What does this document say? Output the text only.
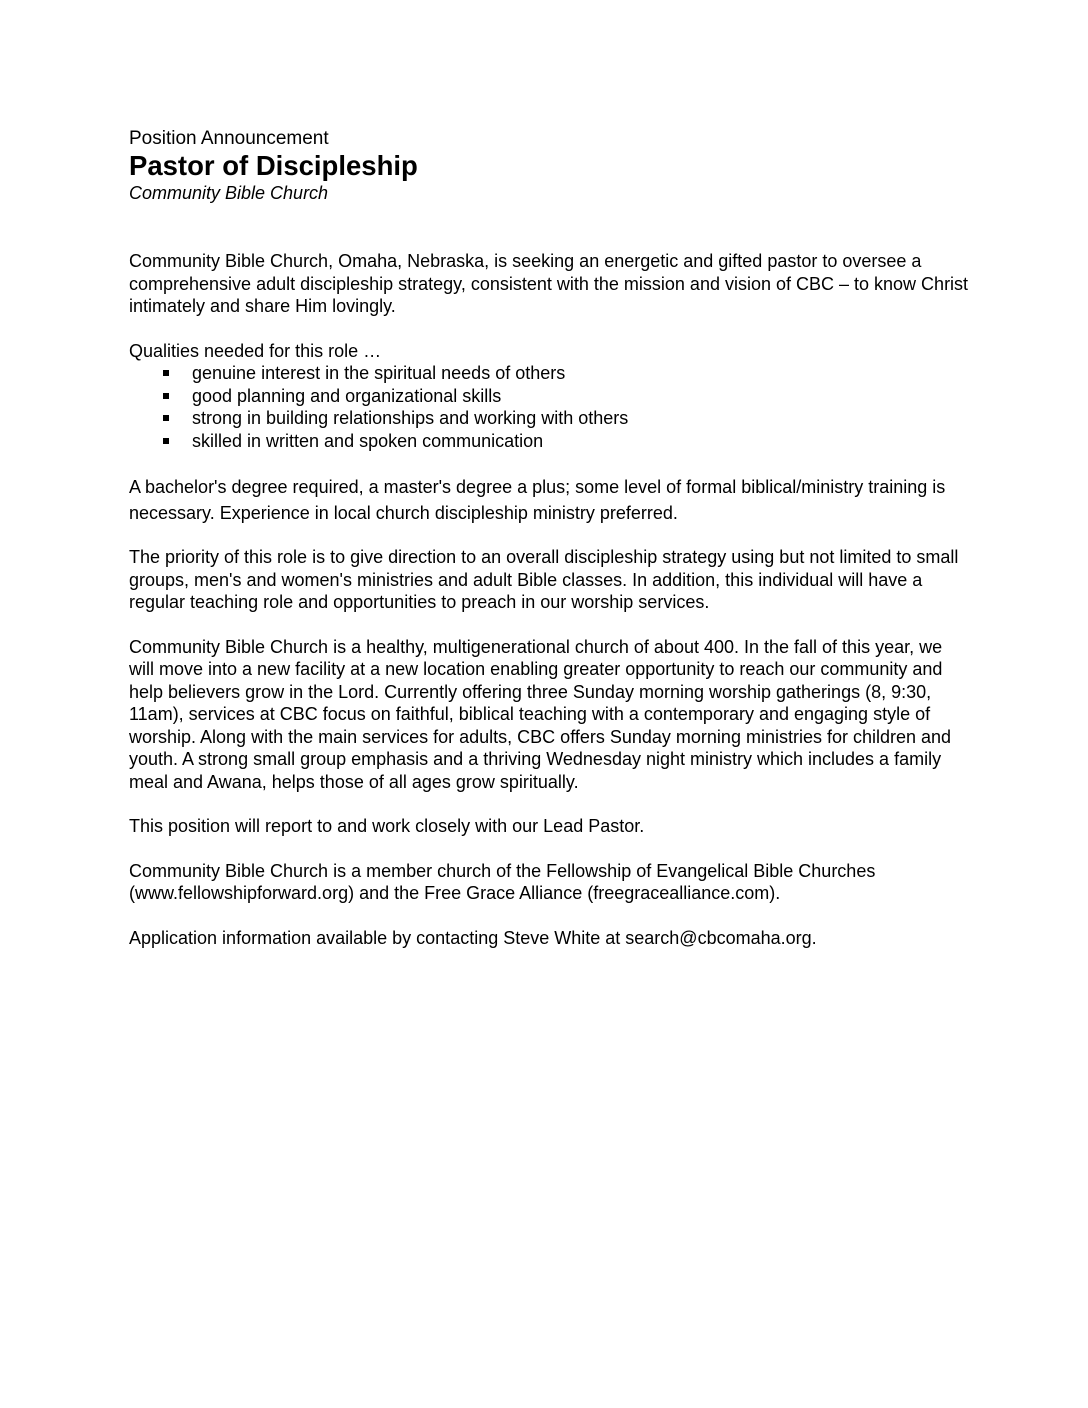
Position Announcement
Pastor of Discipleship
Community Bible Church

Community Bible Church, Omaha, Nebraska, is seeking an energetic and gifted pastor to oversee a comprehensive adult discipleship strategy, consistent with the mission and vision of CBC – to know Christ intimately and share Him lovingly.

Qualities needed for this role …

genuine interest in the spiritual needs of others
good planning and organizational skills
strong in building relationships and working with others
skilled in written and spoken communication

A bachelor's degree required, a master's degree a plus; some level of formal biblical/ministry training is necessary. Experience in local church discipleship ministry preferred.

The priority of this role is to give direction to an overall discipleship strategy using but not limited to small groups, men's and women's ministries and adult Bible classes. In addition, this individual will have a regular teaching role and opportunities to preach in our worship services.

Community Bible Church is a healthy, multigenerational church of about 400. In the fall of this year, we will move into a new facility at a new location enabling greater opportunity to reach our community and help believers grow in the Lord. Currently offering three Sunday morning worship gatherings (8, 9:30, 11am), services at CBC focus on faithful, biblical teaching with a contemporary and engaging style of worship. Along with the main services for adults, CBC offers Sunday morning ministries for children and youth. A strong small group emphasis and a thriving Wednesday night ministry which includes a family meal and Awana, helps those of all ages grow spiritually.

This position will report to and work closely with our Lead Pastor.

Community Bible Church is a member church of the Fellowship of Evangelical Bible Churches (www.fellowshipforward.org) and the Free Grace Alliance (freegracealliance.com).

Application information available by contacting Steve White at search@cbcomaha.org.
